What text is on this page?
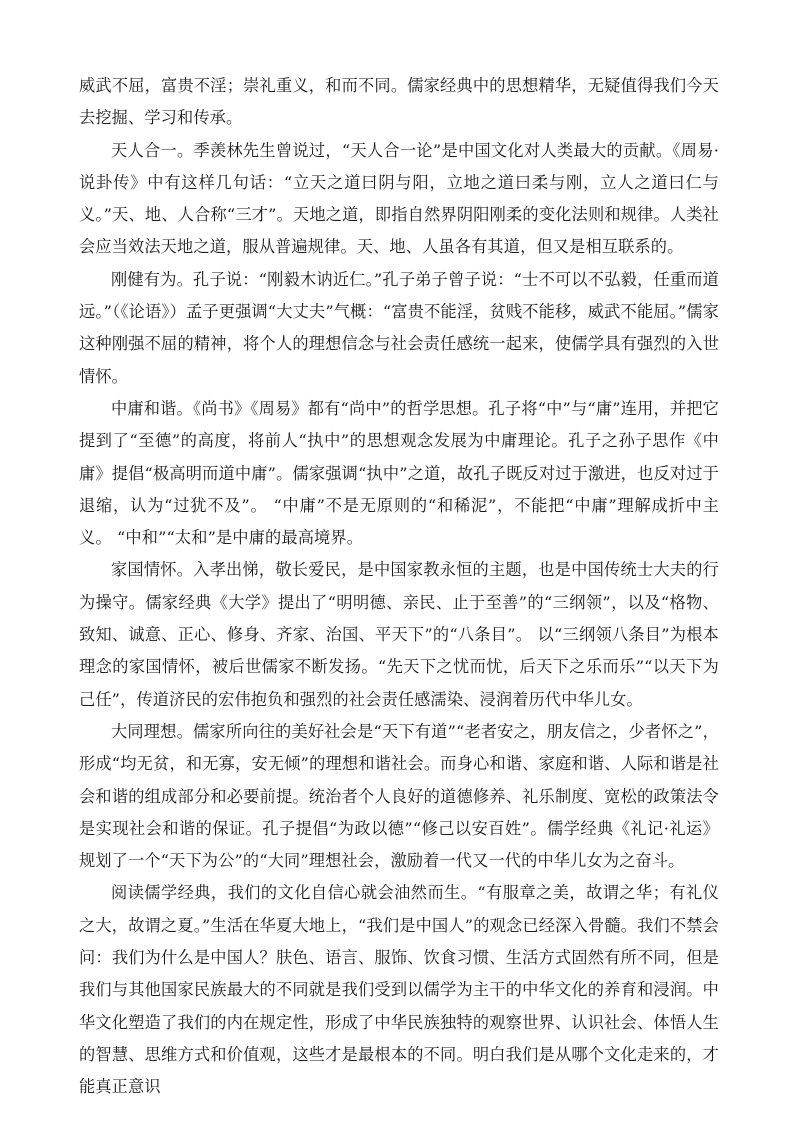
威武不屈，富贵不淫；崇礼重义，和而不同。儒家经典中的思想精华，无疑值得我们今天去挖掘、学习和传承。

天人合一。季羡林先生曾说过，“天人合一论”是中国文化对人类最大的贡献。《周易·说卦传》中有这样几句话：“立天之道曰阴与阳，立地之道曰柔与刚，立人之道曰仁与义。”天、地、人合称“三才”。天地之道，即指自然界阴阳刚柔的变化法则和规律。人类社会应当效法天地之道，服从普遍规律。天、地、人虽各有其道，但又是相互联系的。

刚健有为。孔子说：“刚毅木讷近仁。”孔子弟子曾子说：“士不可以不弘毅，任重而道远。”（《论语》）孟子更强调“大丈夫”气概：“富贵不能淫，贫贱不能移，威武不能屈。”儒家这种刚强不屈的精神，将个人的理想信念与社会责任感统一起来，使儒学具有强烈的入世情怀。

中庸和谐。《尚书》《周易》都有“尚中”的哲学思想。孔子将“中”与“庸”连用，并把它提到了“至德”的高度，将前人“执中”的思想观念发展为中庸理论。孔子之孙子思作《中庸》提倡“极高明而道中庸”。儒家强调“执中”之道，故孔子既反对过于激进，也反对过于退缩，认为“过犹不及”。 “中庸”不是无原则的“和稀泥”，不能把“中庸”理解成折中主义。 “中和”“太和”是中庸的最高境界。

家国情怀。入孝出悌，敬长爱民，是中国家教永恒的主题，也是中国传统士大夫的行为操守。儒家经典《大学》提出了“明明德、亲民、止于至善”的“三纲领”，以及“格物、致知、诚意、正心、修身、齐家、治国、平天下”的“八条目”。 以“三纲领八条目”为根本理念的家国情怀，被后世儒家不断发扬。“先天下之忧而忧，后天下之乐而乐”“以天下为己任”，传道济民的宏伟抱负和强烈的社会责任感濡染、浸润着历代中华儿女。

大同理想。儒家所向往的美好社会是“天下有道”“老者安之，朋友信之，少者怀之”，形成“均无贫，和无寡，安无倾”的理想和谐社会。而身心和谐、家庭和谐、人际和谐是社会和谐的组成部分和必要前提。统治者个人良好的道德修养、礼乐制度、宽松的政策法令是实现社会和谐的保证。孔子提倡“为政以德”“修己以安百姓”。儒学经典《礼记·礼运》规划了一个“天下为公”的“大同”理想社会，激励着一代又一代的中华儿女为之奋斗。

阅读儒学经典，我们的文化自信心就会油然而生。“有服章之美，故谓之华；有礼仪之大，故谓之夏。”生活在华夏大地上，“我们是中国人”的观念已经深入骨髓。我们不禁会问：我们为什么是中国人？肤色、语言、服饰、饮食习惯、生活方式固然有所不同，但是我们与其他国家民族最大的不同就是我们受到以儒学为主干的中华文化的养育和浸润。中华文化塑造了我们的内在规定性，形成了中华民族独特的观察世界、认识社会、体悟人生的智慧、思维方式和价值观，这些才是最根本的不同。明白我们是从哪个文化走来的，才能真正意识
